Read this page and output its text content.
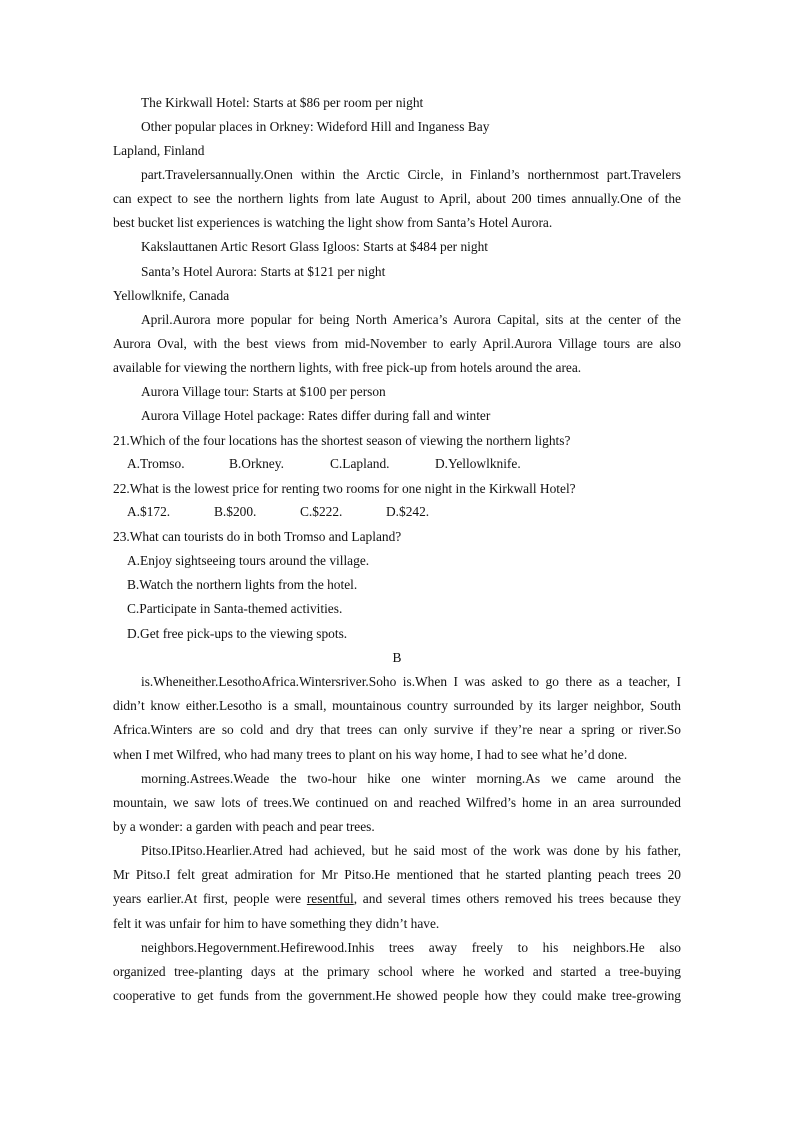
The Kirkwall Hotel: Starts at $86 per room per night
Other popular places in Orkney: Wideford Hill and Inganess Bay
Lapland, Finland
part.Travelersannually.Onen within the Arctic Circle, in Finland’s northernmost part.Travelers
can expect to see the northern lights from late August to April, about 200 times annually.One of the
best bucket list experiences is watching the light show from Santa’s Hotel Aurora.
Kakslauttanen Artic Resort Glass Igloos: Starts at $484 per night
Santa’s Hotel Aurora: Starts at $121 per night
Yellowlknife, Canada
April.Aurora more popular for being North America’s Aurora Capital, sits at the center of the
Aurora Oval, with the best views from mid-November to early April.Aurora Village tours are also
available for viewing the northern lights, with free pick-up from hotels around the area.
Aurora Village tour: Starts at $100 per person
Aurora Village Hotel package: Rates differ during fall and winter
21.Which of the four locations has the shortest season of viewing the northern lights?
A.Tromso.	B.Orkney.	C.Lapland.	D.Yellowlknife.
22.What is the lowest price for renting two rooms for one night in the Kirkwall Hotel?
A.$172.	B.$200.	C.$222.	D.$242.
23.What can tourists do in both Tromso and Lapland?
A.Enjoy sightseeing tours around the village.
B.Watch the northern lights from the hotel.
C.Participate in Santa-themed activities.
D.Get free pick-ups to the viewing spots.
B
is.Wheneither.LesothoAfrica.Wintersriver.Soho is.When I was asked to go there as a teacher, I
didn’t know either.Lesotho is a small, mountainous country surrounded by its larger neighbor, South
Africa.Winters are so cold and dry that trees can only survive if they’re near a spring or river.So
when I met Wilfred, who had many trees to plant on his way home, I had to see what he’d done.
morning.Astrees.Weade the two-hour hike one winter morning.As we came around the
mountain, we saw lots of trees.We continued on and reached Wilfred’s home in an area surrounded
by a wonder: a garden with peach and pear trees.
Pitso.IPitso.Hearlier.Atred had achieved, but he said most of the work was done by his father,
Mr Pitso.I felt great admiration for Mr Pitso.He mentioned that he started planting peach trees 20
years earlier.At first, people were resentful, and several times others removed his trees because they
felt it was unfair for him to have something they didn’t have.
neighbors.Hegovernment.Hefirewood.Inhis trees away freely to his neighbors.He also
organized tree-planting days at the primary school where he worked and started a tree-buying
cooperative to get funds from the government.He showed people how they could make tree-growing
